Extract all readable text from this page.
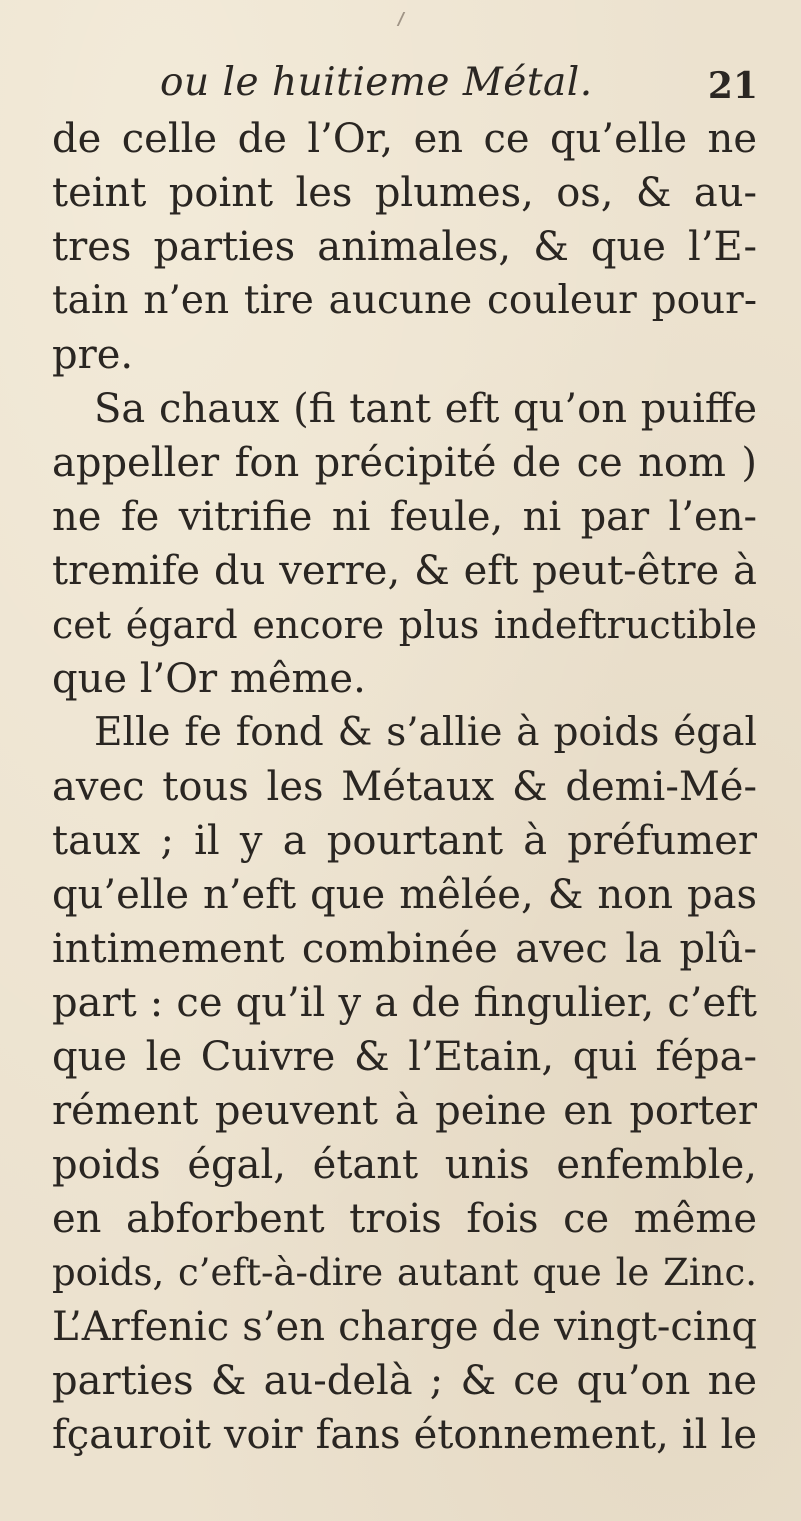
ou le huitieme Métal.	21
de celle de l’Or, en ce qu’elle ne
teint point les plumes, os, & au-
tres parties animales, & que l’E-
tain n’en tire aucune couleur pour-
pre.
Sa chaux (fi tant eft qu’on puiffe
appeller fon précipité de ce nom )
ne fe vitrifie ni feule, ni par l’en-
tremife du verre, & eft peut-être à
cet égard encore plus indeftructible
que l’Or même.
Elle fe fond & s’allie à poids égal
avec tous les Métaux & demi-Mé-
taux ; il y a pourtant à préfumer
qu’elle n’eft que mêlée, & non pas
intimement combinée avec la plû-
part : ce qu’il y a de fingulier, c’eft
que le Cuivre & l’Etain, qui fépa-
rément peuvent à peine en porter
poids égal, étant unis enfemble,
en abforbent trois fois ce même
poids, c’eft-à-dire autant que le Zinc.
L’Arfenic s’en charge de vingt-cinq
parties & au-delà ; & ce qu’on ne
fçauroit voir fans étonnement, il le
